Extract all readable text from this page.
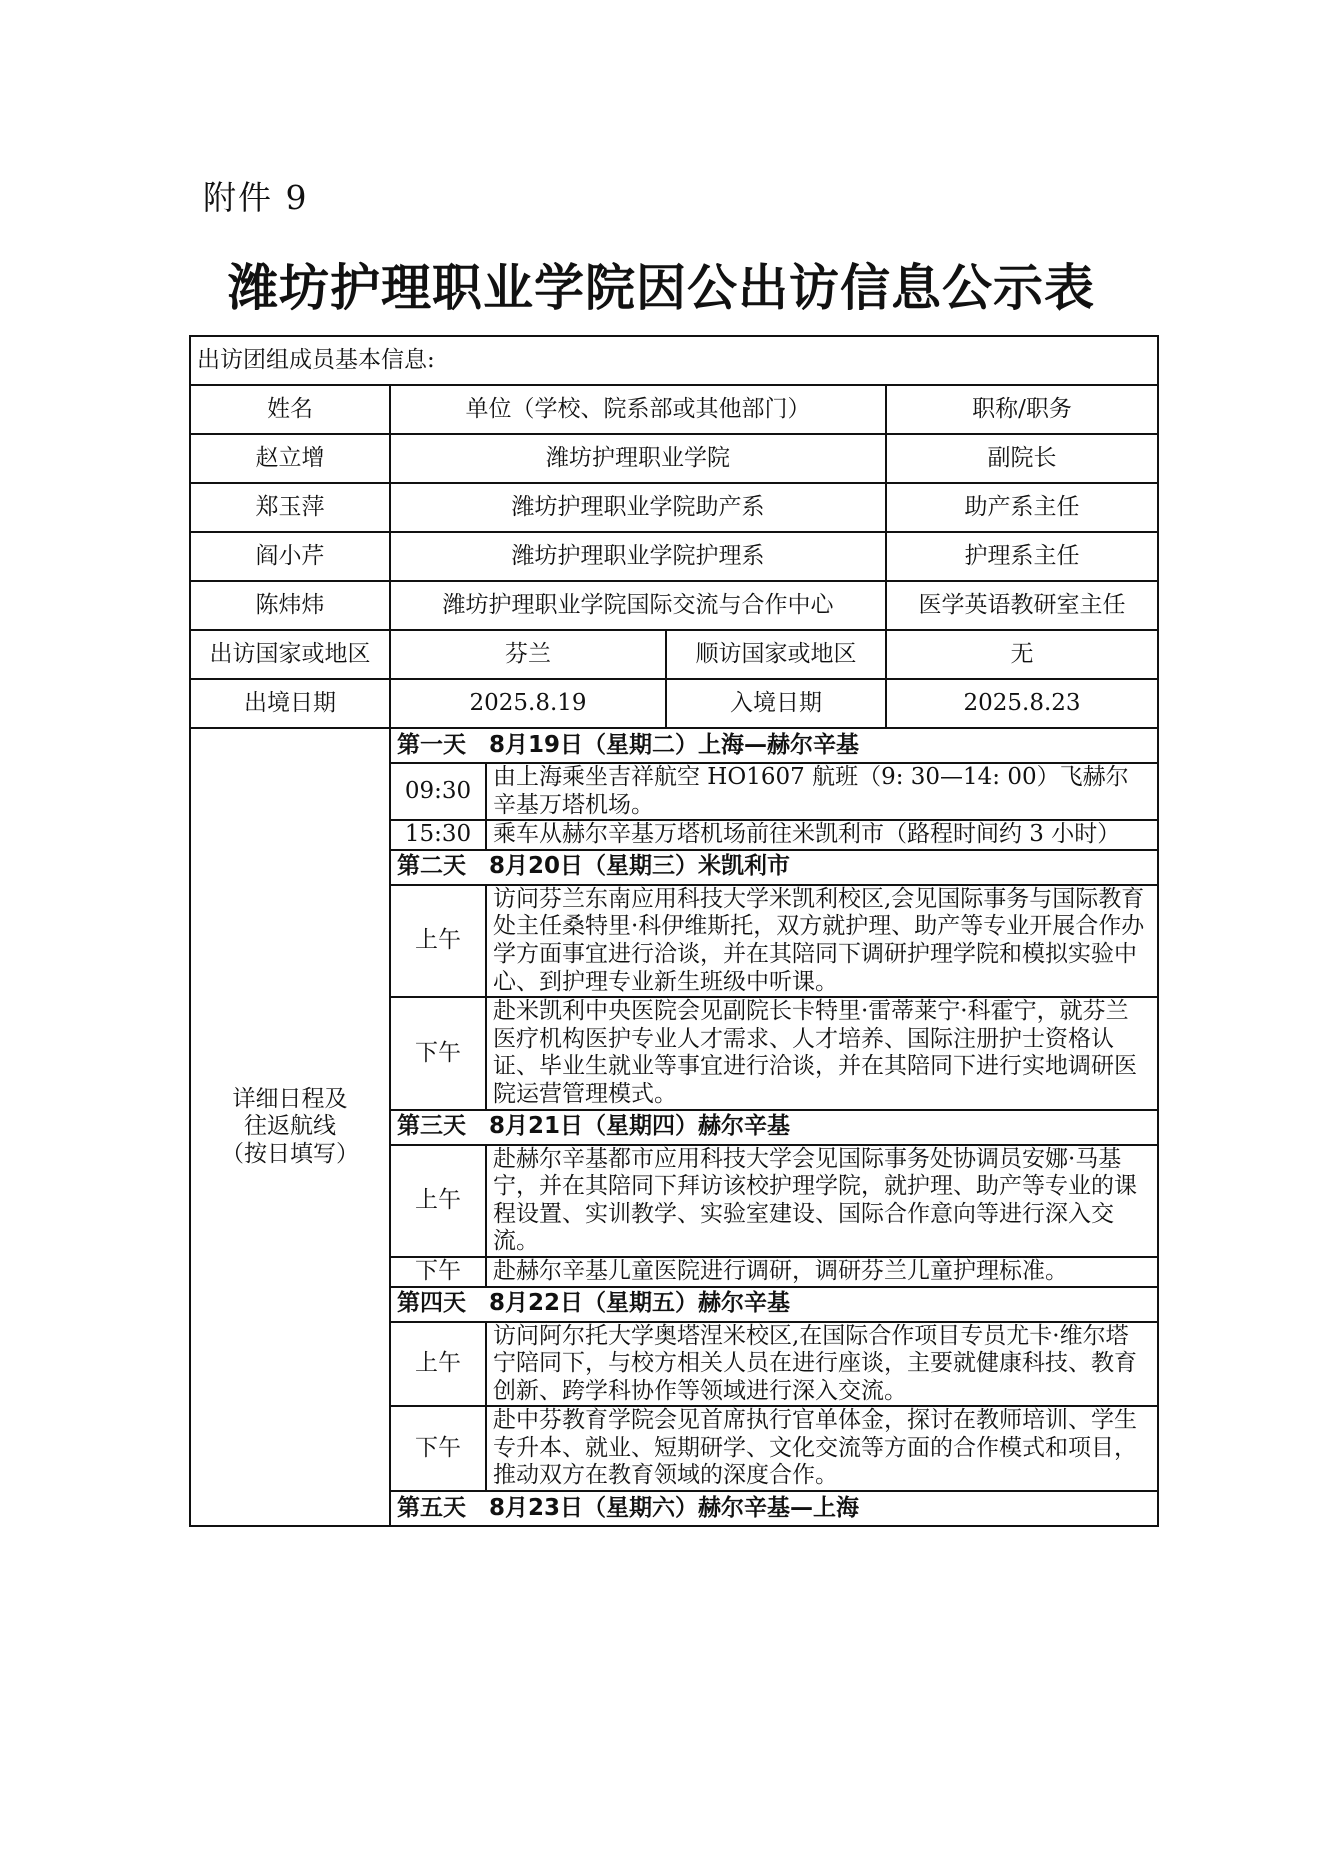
附件 9
潍坊护理职业学院因公出访信息公示表
出访团组成员基本信息:				
姓名	单位（学校、院系部或其他部门）			职称/职务
赵立增	潍坊护理职业学院			副院长
郑玉萍	潍坊护理职业学院助产系			助产系主任
阎小芹	潍坊护理职业学院护理系			护理系主任
陈炜炜	潍坊护理职业学院国际交流与合作中心			医学英语教研室主任
出访国家或地区	芬兰		顺访国家或地区	无
出境日期	2025.8.19		入境日期	2025.8.23

详细日程及
往返航线
（按日填写）	第一天　8月19日（星期二）上海—赫尔辛基			
	09:30	由上海乘坐吉祥航空 HO1607 航班（9: 30—14: 00）飞赫尔辛基万塔机场。		
	15:30	乘车从赫尔辛基万塔机场前往米凯利市（路程时间约 3 小时）		
	第二天　8月20日（星期三）米凯利市			
	上午	访问芬兰东南应用科技大学米凯利校区,会见国际事务与国际教育处主任桑特里·科伊维斯托，双方就护理、助产等专业开展合作办学方面事宜进行洽谈，并在其陪同下调研护理学院和模拟实验中心、到护理专业新生班级中听课。		
	下午	赴米凯利中央医院会见副院长卡特里·雷蒂莱宁·科霍宁，就芬兰医疗机构医护专业人才需求、人才培养、国际注册护士资格认证、毕业生就业等事宜进行洽谈，并在其陪同下进行实地调研医院运营管理模式。		
	第三天　8月21日（星期四）赫尔辛基			
	上午	赴赫尔辛基都市应用科技大学会见国际事务处协调员安娜·马基宁，并在其陪同下拜访该校护理学院，就护理、助产等专业的课程设置、实训教学、实验室建设、国际合作意向等进行深入交流。		
	下午	赴赫尔辛基儿童医院进行调研，调研芬兰儿童护理标准。		
	第四天　8月22日（星期五）赫尔辛基			
	上午	访问阿尔托大学奥塔涅米校区,在国际合作项目专员尤卡·维尔塔宁陪同下，与校方相关人员在进行座谈，主要就健康科技、教育创新、跨学科协作等领域进行深入交流。		
	下午	赴中芬教育学院会见首席执行官单体金，探讨在教师培训、学生专升本、就业、短期研学、文化交流等方面的合作模式和项目，推动双方在教育领域的深度合作。		
	第五天　8月23日（星期六）赫尔辛基—上海			
